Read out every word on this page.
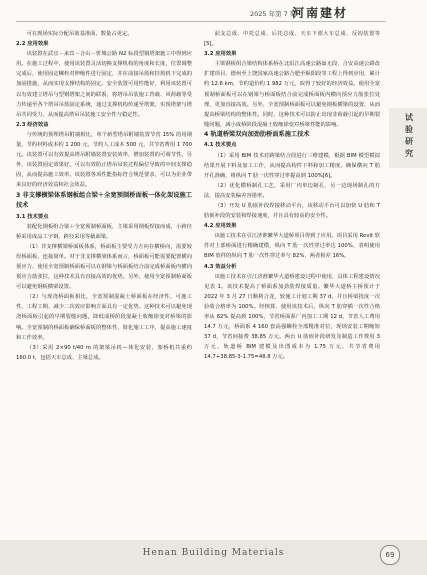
2025 年第 7 期
河南建材

可在现场实际分配吊篮基准面，数量占更定。

2.2 应用效果

该装置在武宜－来宾－合山－忻城公路 N2 标段型钢塔架施工中得到应用。在施工过程中，使用该装置灵活切换支撑机构的角度和长度，位置调整完成后，使用固定螺栓对伸缩件进行固定，并在前接吊篮和挂篮机下完成的加固措施，从而实现支撑结构的固定。安全装置可用性能好，利用该装置可以有效建立塔吊与型钢塔架之间的联系，将塔吊吊装施工背载、风荷载等受力传递至各个塔吊吊篮固定系统，通过支撑机构传递至塔架，实现塔架与塔吊共同受力，从而提高塔吊吊装施工安全性与稳定性。

2.3 经济效益

与传统的预埋塔吊附墙相比，单个新型塔吊附墙装置节省 15% 的用钢量，节约材料成本约 1 200 元，节约人工成本 500 元，共节省费用 1 700 元。该装置可以有效提高塔吊附墙装置安装效率，增加装置的可调节性。另外，该装置固定效果好，可以有效防止塔吊吊装过程偏位导致的中间支撑稳固，从而提高施工效率。该装置各项性能指标符合规范要求，可以为企业带来良好的经济效益和社会效益。

3 非支撑横梁体系钢板组合梁＋全宽预制桥面板一体化架设施工技术

3.1 技术要点

装配化钢板组合梁＋全宽预制桥面板，主梁采用钢板焊接而成，小跨径桥采用成品工字钢，跨径采用等截面梁。

（1）非支撑横梁桥面板体系，桥面板主要受力方向在横桥向，需要较厚桥面板，连接简单。对于非支撑横梁体系而言，桥面板可能需要配置横向预应力，使用全宽预制桥面板可以在钢梁与桥面板结合前完成桥面板内横向预应力筋张拉，这种技术具有直接高效的优势。另外，使用全宽预制桥面板可以避免钢板横梁设置。

（2）与现浇桥面板相比，全宽预制混凝土桥面板在经济性、可施工性、工程工期、减少二次效应影响方面具有一定优势。这种技术可以避免现浇桥面板引起的早期裂缝问题，降低成桥阶段混凝土收缩徐变对桥梁的影响。全宽预制的桥面板确保桥面板的整体性，简化施工工序，提高施工速度和工作效率。

（3）采用 2×90 t/40 m 的架梁吊机—体化安装，架桥机共重约 160.0 t，包括天车总成、主梁总成。

前支总成、中托总成、后托总成、天车下部大车总成、反钩装置等[5]。

3.2 应用效果

主梁钢板组合梁结构体系桥在北沿江高速公路巢无段、合安高速公路改扩建项目、德州至上饶国家高速公路合肥至枞阳段等工程上得到应用，累计约 12.6 km，节约造价约 1 982 万元，取得了较好的经济效益。使用全宽预制桥面板可以在钢梁与桥面板结合前完成桥面板内横向预应力筋张拉处理，更加直接高效。另外，全宽预制桥面板可以避免钢板横梁的设置，从而提高桥梁结构的整体性。同时，这种技术可以防止出现非荷载引起的早期裂缝问题，减小成桥阶段混凝土收缩徐变对桥梁性能的影响。

4 轨道桥梁双向加劲肋桥面系施工技术

4.1 技术要点

（1）采用 BIM 技术对跨梁结合段进行三维建模，根据 BIM 模型模拟结果开展下料及加工工作，从而提高构件下料和加工精度，确保横向 T 肋开孔准确，将纵向 T 肋一次性穿过率提高到 100%[6]。

（2）优化横桥制孔工艺，采用厂内单边制孔、另一边现场制孔的方法，提高安装偏差容错率。

（3）开发 U 肋嵌补段焊接移动平台，该移动平台可以加快 U 肋和 T 肋嵌补段的安装和焊接速度，并且具有较高的安全性。

4.2 应用效果

该施工技术在引江济淮繁华大道桥项目得到了应用。项目采用 Revit 软件对上部桥面进行精确建模，纵向 T 肋一次性穿过率达 100%，表明使用 BIM 放样的纵向 T 肋一次性穿过率与 82%，两者相差 16%。

4.3 效益分析

该施工技术在引江济淮繁华大道桥建设过程中使用，具体工程建设情况见表 1。该技术提高了桥面系加劲肋焊接质量。繁华大道桥主桥预计于 2022 年 3 月 27 日顺利合龙，较施工计划工期 37 d，并且桥梁扰度一次验收合格率为 100%。经核算，使用该技术后，纵向 T 肋穿插一次性合格率从 82% 提高到 100%，节省桥面系厂内加工工期 12 d，节省人工费用 14.7 万元，桥面系 4 160 套高强螺栓全部精准对位，现场安装工期缩短 37 d，节省间接费 38.85 万元。两台 U 肋嵌补段研发及制造工作费用 3 万元，轨道桥 BIM 建模及出图成本为 1.75 万元，共节省费用 14.7+38.85-3-1.75=48.8 万元。

试验研究
Henan Building Materials	69
